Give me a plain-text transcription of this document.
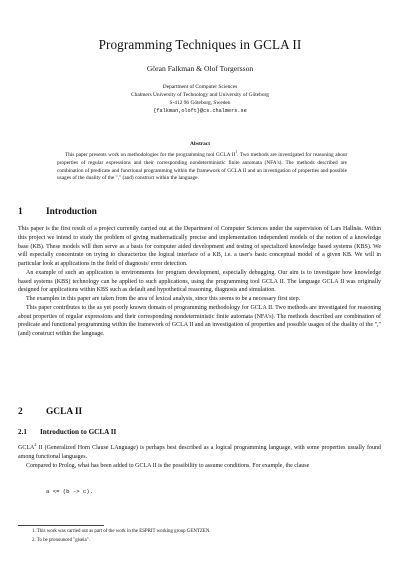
Programming Techniques in GCLA II
Göran Falkman & Olof Torgersson
Department of Computer Sciences
Chalmers University of Technology and University of Göteborg
S-412 96 Göteborg, Sweden
{falkman,oloft}@cs.chalmers.se
Abstract

This paper presents work on methodologies for the programming tool GCLA $II^1$. Two methods are investigated for reasoning about properties of regular expressions and their corresponding nondeterministic finite automata (NFA's). The methods described are combination of predicate and functional programming within the framework of GCLA II and an investigation of properties and possible usages of the duality of the "," (and) construct within the language.

1 Introduction

This paper is the first result of a project currently carried out at the Department of Computer Sciences under the supervision of Lars Hallnäs. Within this project we intend to study the problem of giving mathematically precise and implementation independent models of the notion of a knowledge base (KB). These models will then serve as a basis for computer aided development and testing of specialized knowledge based systems (KBS). We will especially concentrate on trying to characterize the logical interface of a KB, i.e. a user's basic conceptual model of a given KB. We will in particular look at applications in the field of diagnosis/ error detection.

An example of such an application is environments for program development, especially debugging. Our aim is to investigate how knowledge based systems (KBS) technology can be applied to such applications, using the programming tool GCLA II. The language GCLA II was originally designed for applications within KBS such as default and hypothetical reasoning, diagnosis and simulation.

The examples in this paper are taken from the area of lexical analysis, since this seems to be a necessary first step.

This paper contributes to the as yet poorly known domain of programming methodology for GCLA II. Two methods are investigated for reasoning about properties of regular expressions and their corresponding nondeterministic finite automata (NFA's). The methods described are combination of predicate and functional programming within the framework of GCLA II and an investigation of properties and possible usages of the duality of the "," (and) construct within the language.

2 GCLA II
2.1 Introduction to GCLA II

GCLA$^2$ II (Generalized Horn Clause LAnguage) is perhaps best described as a logical programming language, with some properties usually found among functional languages.

Compared to Prolog, what has been added to GCLA II is the possibility to assume conditions. For example, the clause

a <= (b -> c).
1. This work was carried out as part of the work in the ESPRIT working group GENTZEN.
2. To be pronounced "gisela".
